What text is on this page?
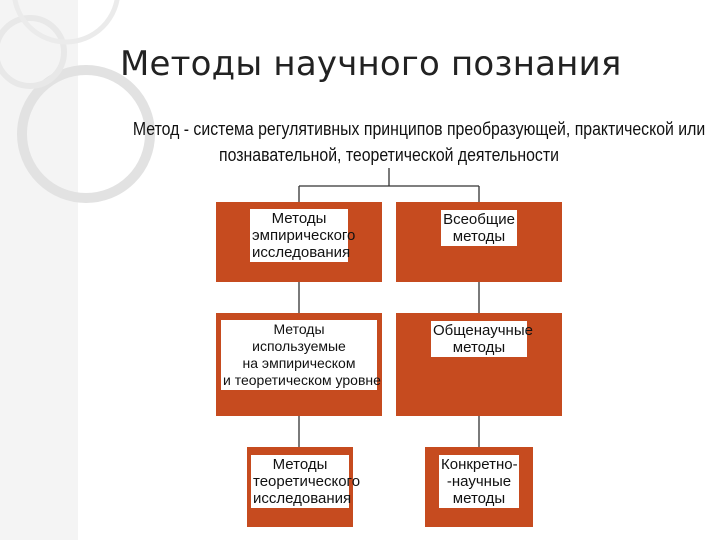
Методы научного познания
Метод - система регулятивных принципов преобразующей, практической или
познавательной, теоретической деятельности
Методы
эмпирического
исследования
Методы
используемые
на эмпирическом
и теоретическом уровне
Методы
теоретического
исследования
Всеобщие
методы
Общенаучные
методы
Конкретно-
-научные
методы
